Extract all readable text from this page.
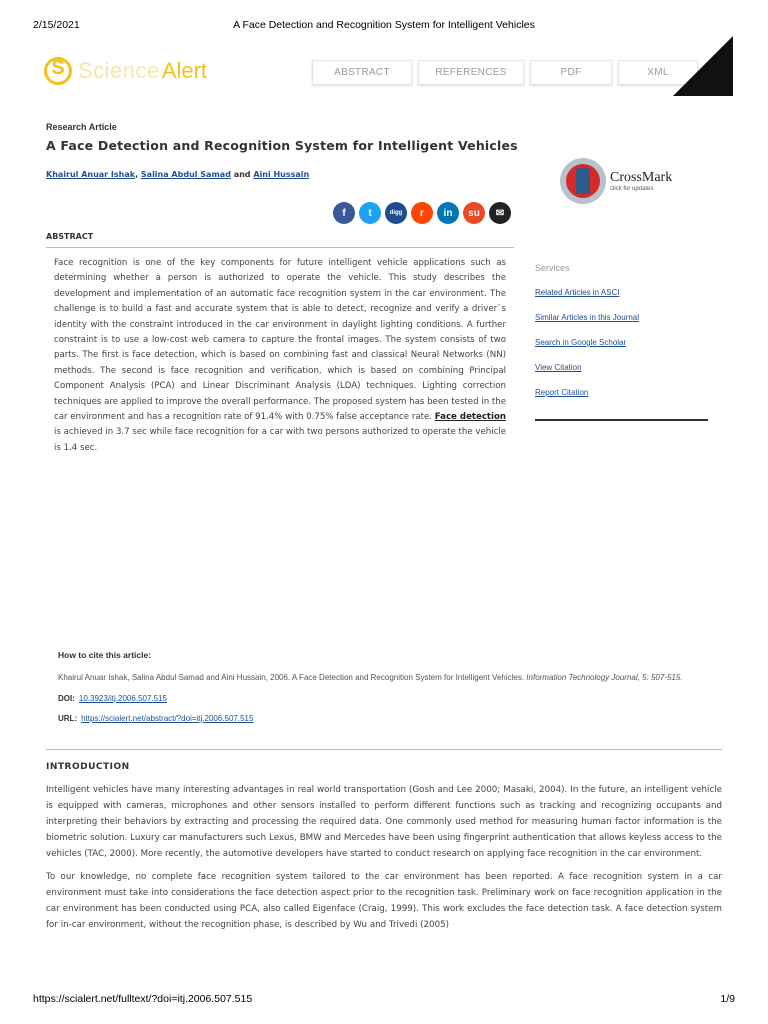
2/15/2021	A Face Detection and Recognition System for Intelligent Vehicles
S
Science Alert	ABSTRACT	REFERENCES	PDF	XML
Research Article
A Face Detection and Recognition System for Intelligent Vehicles
Khairul Anuar Ishak, Salina Abdul Samad and Aini Hussain	CrossMark
click for updates
f	t	digg	r	in	su	✉
ABSTRACT
Face recognition is one of the key components for future intelligent vehicle applications such as determining whether a person is authorized to operate the vehicle. This study describes the development and implementation of an automatic face recognition system in the car environment. The challenge is to build a fast and accurate system that is able to detect, recognize and verify a driver`s identity with the constraint introduced in the car environment in daylight lighting conditions. A further constraint is to use a low-cost web camera to capture the frontal images. The system consists of two parts. The first is face detection, which is based on combining fast and classical Neural Networks (NN) methods. The second is face recognition and verification, which is based on combining Principal Component Analysis (PCA) and Linear Discriminant Analysis (LDA) techniques. Lighting correction techniques are applied to improve the overall performance. The proposed system has been tested in the car environment and has a recognition rate of 91.4% with 0.75% false acceptance rate. Face detection is achieved in 3.7 sec while face recognition for a car with two persons authorized to operate the vehicle is 1.4 sec.
Services
Related Articles in ASCI
Similar Articles in this Journal
Search in Google Scholar
View Citation
Report Citation
How to cite this article:
Khairul Anuar Ishak, Salina Abdul Samad and Aini Hussain, 2006. A Face Detection and Recognition System for Intelligent Vehicles. Information Technology Journal, 5: 507-515.
DOI: 10.3923/itj.2006.507.515
URL: https://scialert.net/abstract/?doi=itj.2006.507.515
INTRODUCTION

Intelligent vehicles have many interesting advantages in real world transportation (Gosh and Lee 2000; Masaki, 2004). In the future, an intelligent vehicle is equipped with cameras, microphones and other sensors installed to perform different functions such as tracking and recognizing occupants and interpreting their behaviors by extracting and processing the required data. One commonly used method for measuring human factor information is the biometric solution. Luxury car manufacturers such Lexus, BMW and Mercedes have been using fingerprint authentication that allows keyless access to the vehicles (TAC, 2000). More recently, the automotive developers have started to conduct research on applying face recognition in the car environment.

To our knowledge, no complete face recognition system tailored to the car environment has been reported. A face recognition system in a car environment must take into considerations the face detection aspect prior to the recognition task. Preliminary work on face recognition application in the car environment has been conducted using PCA, also called Eigenface (Craig, 1999). This work excludes the face detection task. A face detection system for in-car environment, without the recognition phase, is described by Wu and Trivedi (2005)

https://scialert.net/fulltext/?doi=itj.2006.507.515	1/9
